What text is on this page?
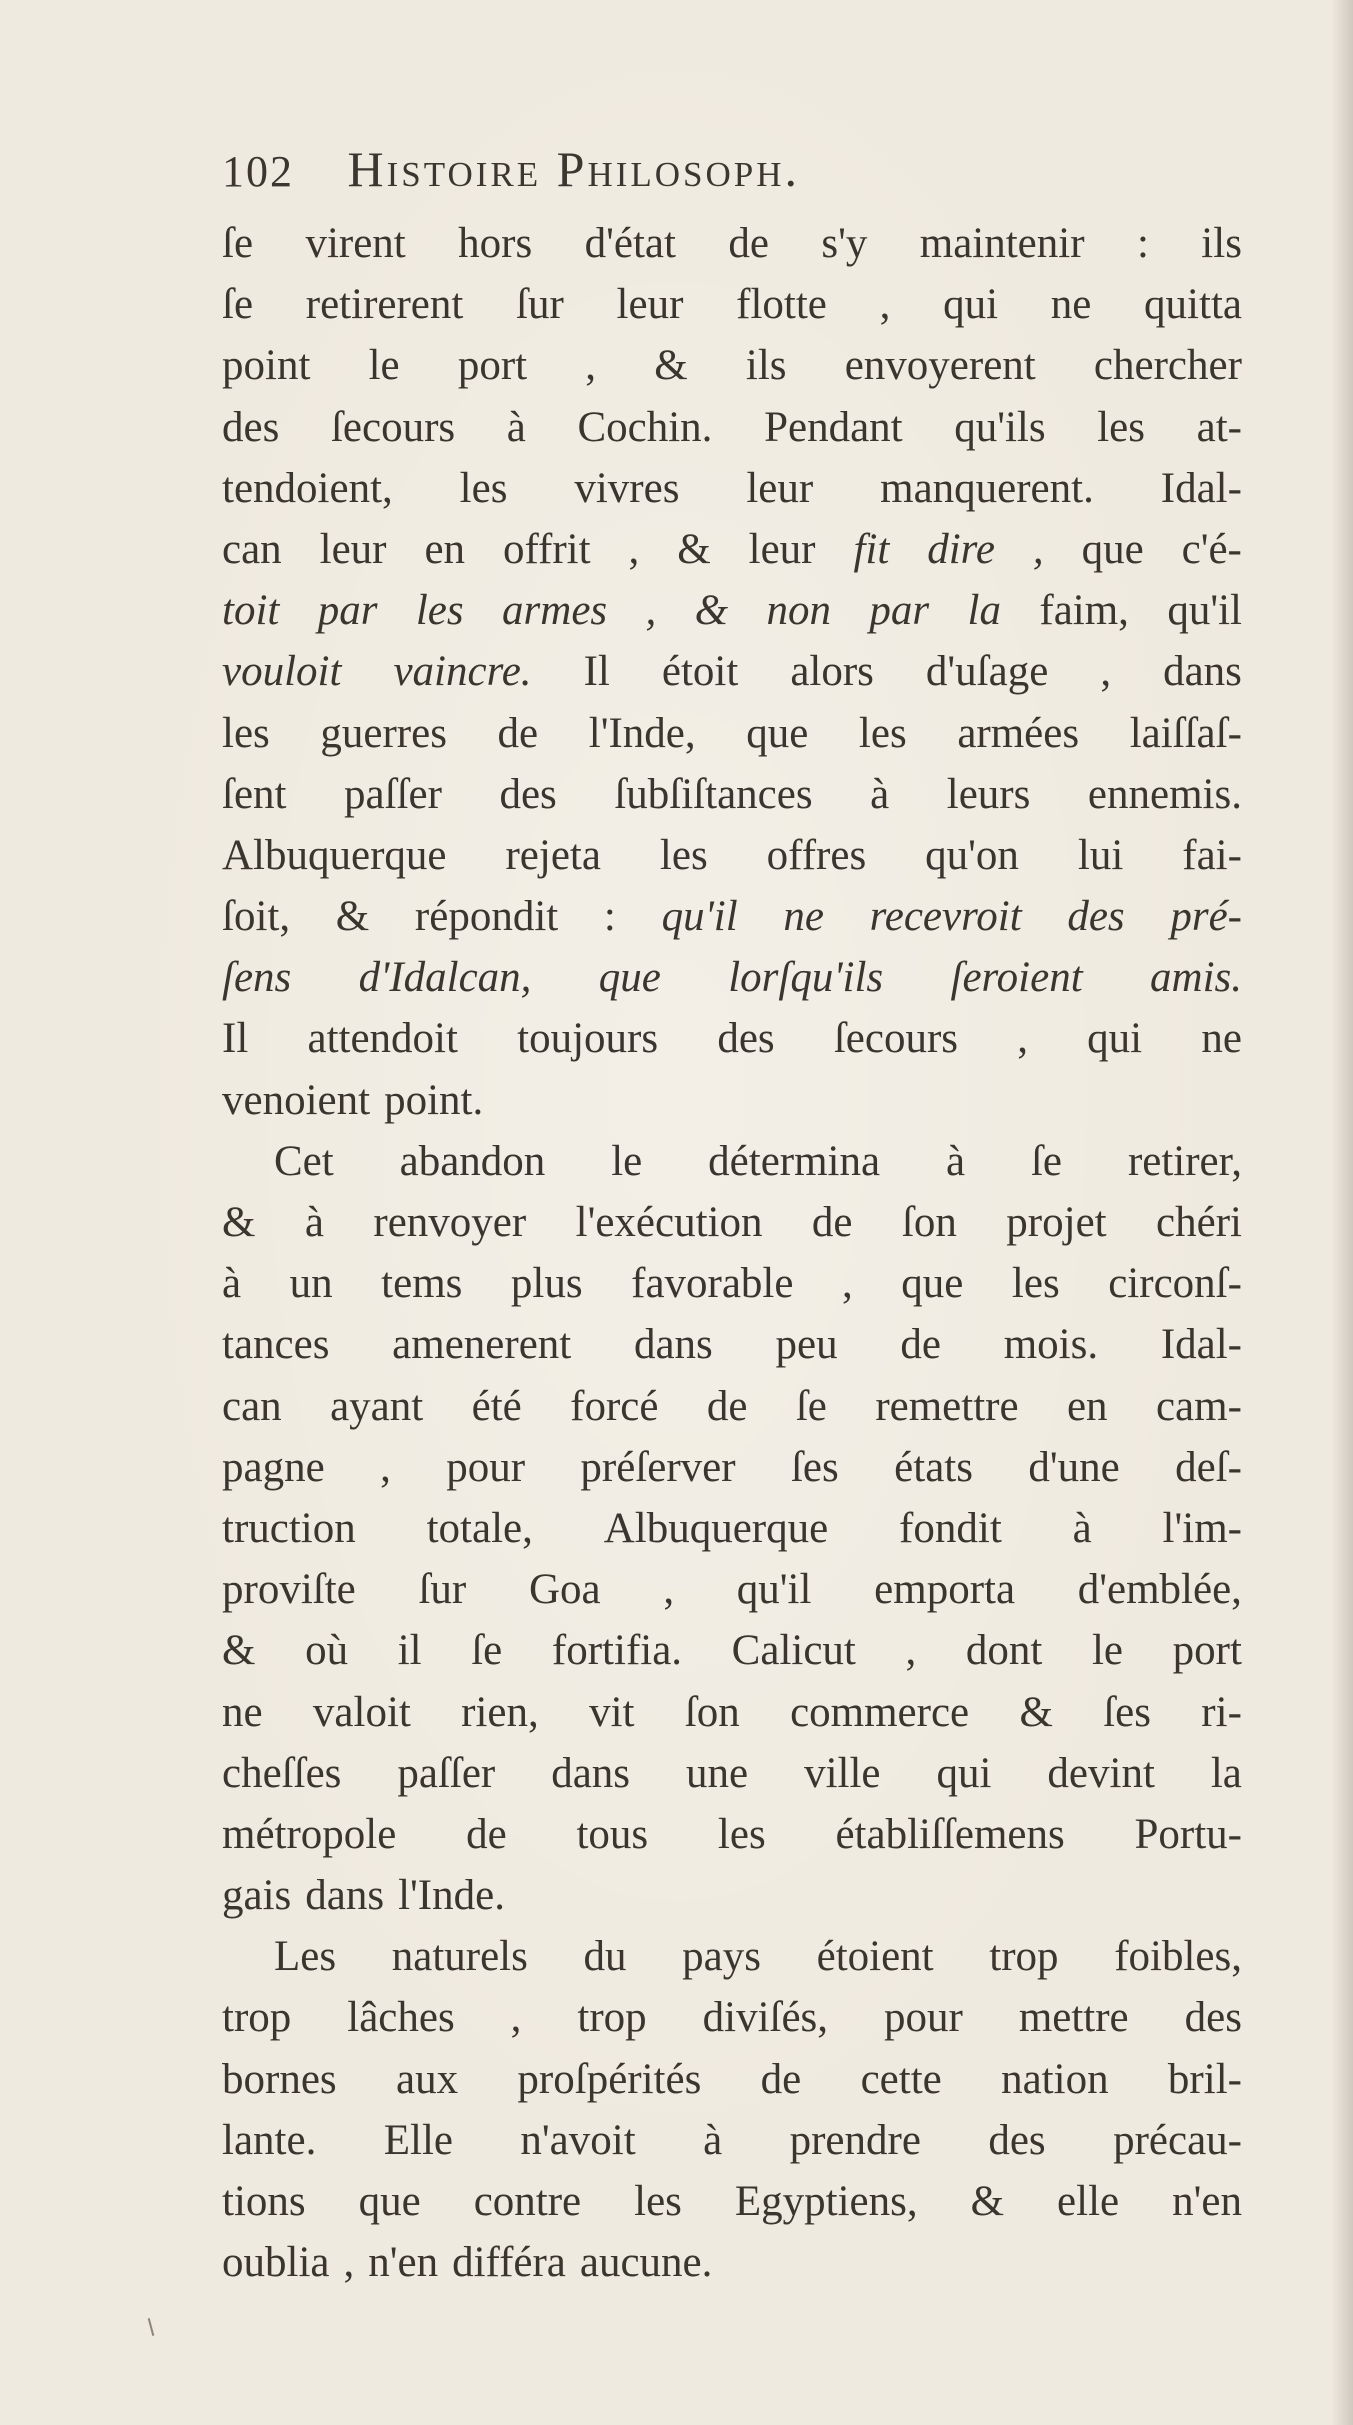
102 Histoire Philosoph.
ſe virent hors d'état de s'y maintenir : ils
ſe retirerent ſur leur flotte , qui ne quitta
point le port , & ils envoyerent chercher
des ſecours à Cochin. Pendant qu'ils les at-
tendoient, les vivres leur manquerent. Idal-
can leur en offrit , & leur fit dire , que c'é-
toit par les armes , & non par la faim, qu'il
vouloit vaincre. Il étoit alors d'uſage , dans
les guerres de l'Inde, que les armées laiſſaſ-
ſent paſſer des ſubſiſtances à leurs ennemis.
Albuquerque rejeta les offres qu'on lui fai-
ſoit, & répondit : qu'il ne recevroit des pré-
ſens d'Idalcan, que lorſqu'ils ſeroient amis.
Il attendoit toujours des ſecours , qui ne
venoient point.
Cet abandon le détermina à ſe retirer,
& à renvoyer l'exécution de ſon projet chéri
à un tems plus favorable , que les circonſ-
tances amenerent dans peu de mois. Idal-
can ayant été forcé de ſe remettre en cam-
pagne , pour préſerver ſes états d'une deſ-
truction totale, Albuquerque fondit à l'im-
proviſte ſur Goa , qu'il emporta d'emblée,
& où il ſe fortifia. Calicut , dont le port
ne valoit rien, vit ſon commerce & ſes ri-
cheſſes paſſer dans une ville qui devint la
métropole de tous les établiſſemens Portu-
gais dans l'Inde.
Les naturels du pays étoient trop foibles,
trop lâches , trop diviſés, pour mettre des
bornes aux proſpérités de cette nation bril-
lante. Elle n'avoit à prendre des précau-
tions que contre les Egyptiens, & elle n'en
oublia , n'en différa aucune.
